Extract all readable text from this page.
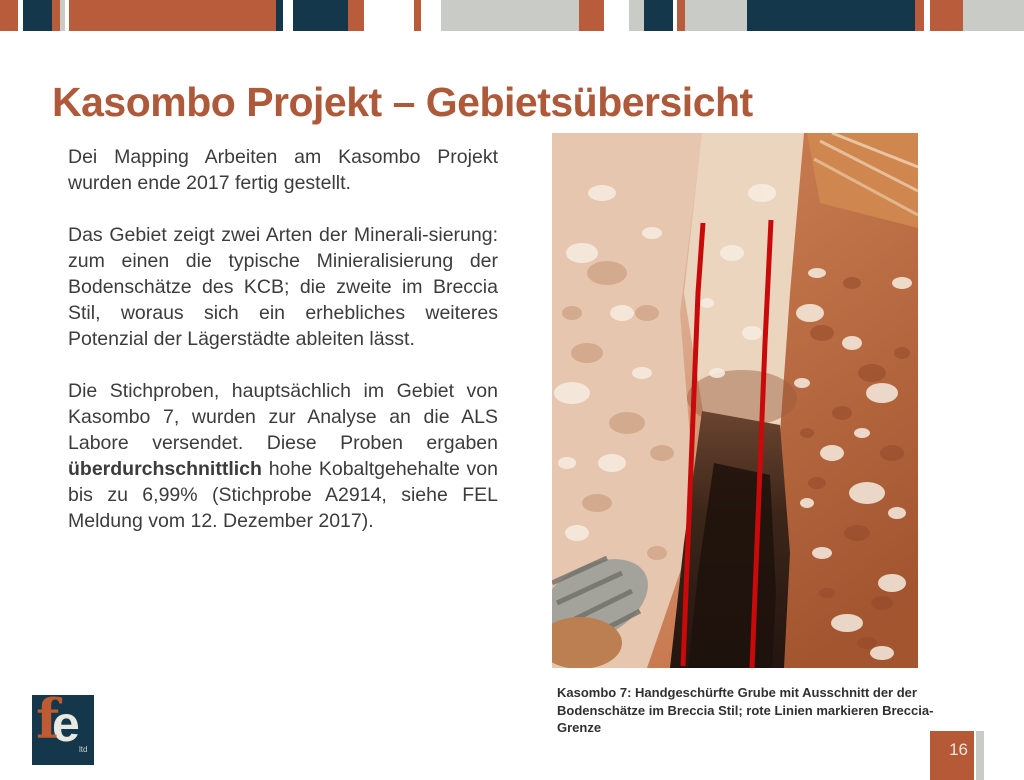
Kasombo Projekt – Gebietsübersicht

Dei Mapping Arbeiten am Kasombo Projekt wurden ende 2017 fertig gestellt.

Das Gebiet zeigt zwei Arten der Minerali-sierung: zum einen die typische Minieralisierung der Bodenschätze des KCB; die zweite im Breccia Stil, woraus sich ein erhebliches weiteres Potenzial der Lägerstädte ableiten lässt.

Die Stichproben, hauptsächlich im Gebiet von Kasombo 7, wurden zur Analyse an die ALS Labore versendet. Diese Proben ergaben überdurchschnittlich hohe Kobaltgehehalte von bis zu 6,99% (Stichprobe A2914, siehe FEL Meldung vom 12. Dezember 2017).

Kasombo 7: Handgeschürfte Grube mit Ausschnitt der der Bodenschätze im Breccia Stil; rote Linien markieren Breccia-Grenze
f
e ltd	16
